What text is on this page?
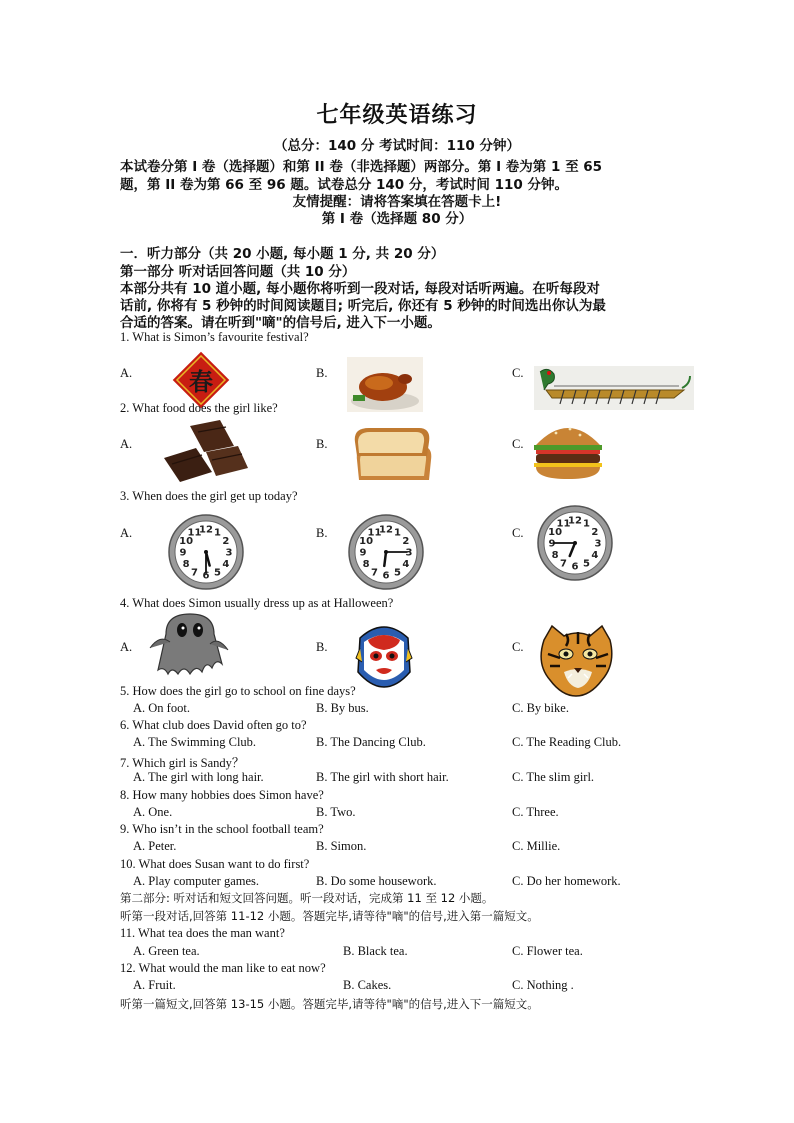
七年级英语练习
（总分：140 分 考试时间：110 分钟）
本试卷分第 I 卷（选择题）和第 II 卷（非选择题）两部分。第 I 卷为第 1 至 65
题，第 II 卷为第 66 至 96 题。试卷总分 140 分，考试时间 110 分钟。
友情提醒：请将答案填在答题卡上!
第 I 卷（选择题 80 分）
一．听力部分（共 20 小题, 每小题 1 分, 共 20 分）
第一部分 听对话回答问题（共 10 分）
本部分共有 10 道小题, 每小题你将听到一段对话, 每段对话听两遍。在听每段对
话前, 你将有 5 秒钟的时间阅读题目; 听完后, 你还有 5 秒钟的时间选出你认为最
合适的答案。请在听到"嘀"的信号后, 进入下一小题。
1. What is Simon’s favourite festival?
A.	B.	C.
春
2. What food does the girl like?
A.	B.	C.
3. When does the girl get up today?
A.	B.	C.
12 1
2
3
4
5
6
7
8
9
10
11	12 1
2
3
4
5
6
7
8
9
10
11
12 1
2
3
4
5
6
7
8
9
10
11
4. What does Simon usually dress up as at Halloween?
A.	B.	C.
5. How does the girl go to school on fine days?
A. On foot.	B. By bus.	C. By bike.
6. What club does David often go to?
A. The Swimming Club.	B. The Dancing Club.	C. The Reading Club.
7. Which girl is Sandy？
A. The girl with long hair.	B. The girl with short hair.	C. The slim girl.
8. How many hobbies does Simon have?
A. One.	B. Two.	C. Three.
9. Who isn’t in the school football team?
A. Peter.	B. Simon.	C. Millie.
10. What does Susan want to do first?
A. Play computer games.	B. Do some housework.	C. Do her homework.
第二部分: 听对话和短文回答问题。听一段对话，完成第 11 至 12 小题。
听第一段对话,回答第 11-12 小题。答题完毕,请等待"嘀"的信号,进入第一篇短文。
11. What tea does the man want?
A. Green tea.	B. Black tea.	C. Flower tea.
12. What would the man like to eat now?
A. Fruit.	B. Cakes.	C. Nothing .
听第一篇短文,回答第 13-15 小题。答题完毕,请等待"嘀"的信号,进入下一篇短文。
